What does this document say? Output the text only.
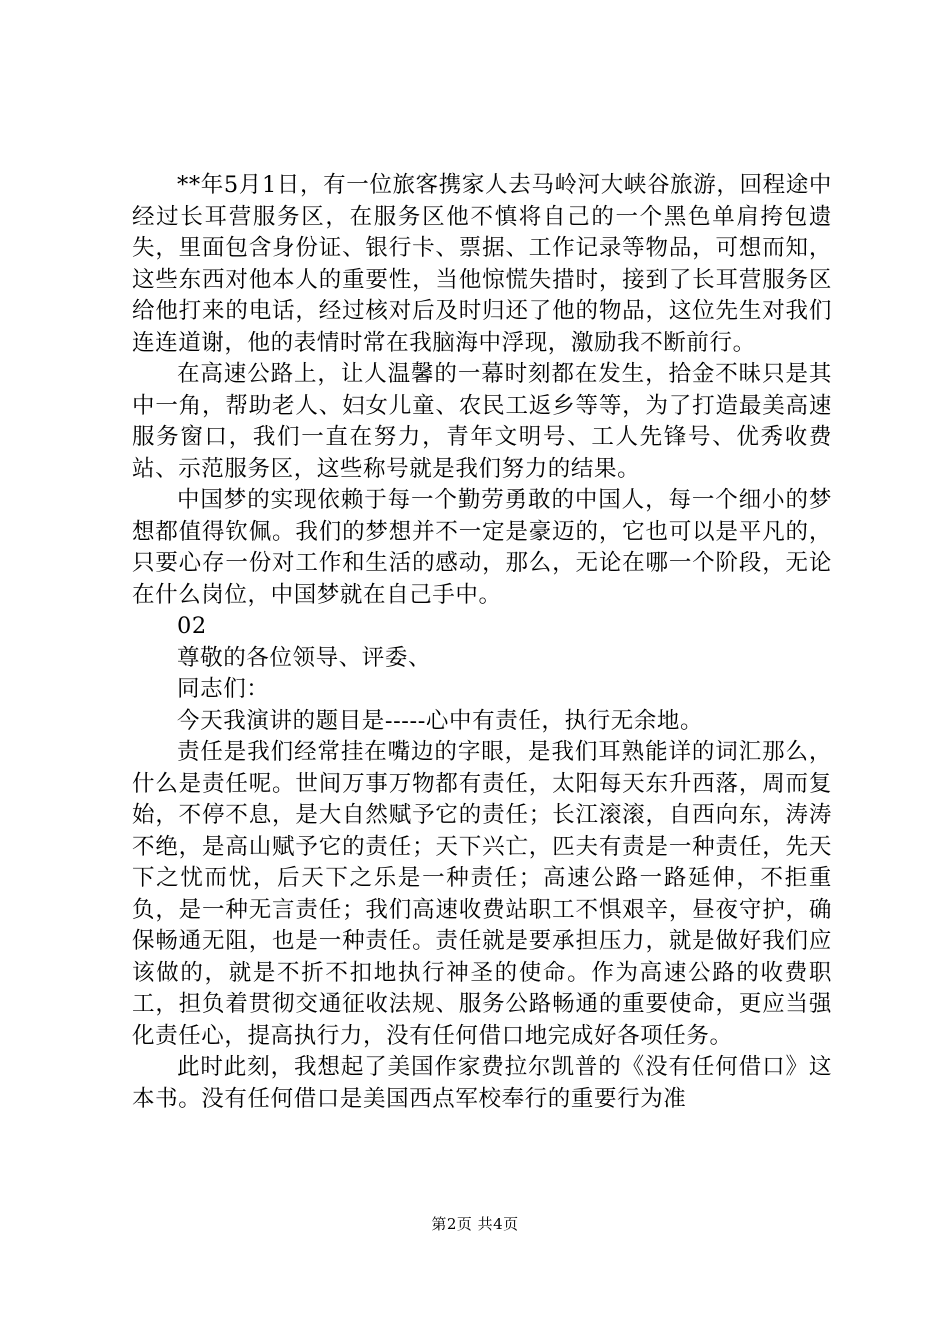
**年5月1日，有一位旅客携家人去马岭河大峡谷旅游，回程途中经过长耳营服务区，在服务区他不慎将自己的一个黑色单肩挎包遗失，里面包含身份证、银行卡、票据、工作记录等物品，可想而知，这些东西对他本人的重要性，当他惊慌失措时，接到了长耳营服务区给他打来的电话，经过核对后及时归还了他的物品，这位先生对我们连连道谢，他的表情时常在我脑海中浮现，激励我不断前行。

在高速公路上，让人温馨的一幕时刻都在发生，拾金不昧只是其中一角，帮助老人、妇女儿童、农民工返乡等等，为了打造最美高速服务窗口，我们一直在努力，青年文明号、工人先锋号、优秀收费站、示范服务区，这些称号就是我们努力的结果。

中国梦的实现依赖于每一个勤劳勇敢的中国人，每一个细小的梦想都值得钦佩。我们的梦想并不一定是豪迈的，它也可以是平凡的，只要心存一份对工作和生活的感动，那么，无论在哪一个阶段，无论在什么岗位，中国梦就在自己手中。

02

尊敬的各位领导、评委、

同志们：

今天我演讲的题目是-----心中有责任，执行无余地。

责任是我们经常挂在嘴边的字眼，是我们耳熟能详的词汇那么，什么是责任呢。世间万事万物都有责任，太阳每天东升西落，周而复始，不停不息，是大自然赋予它的责任；长江滚滚，自西向东，涛涛不绝，是高山赋予它的责任；天下兴亡，匹夫有责是一种责任，先天下之忧而忧，后天下之乐是一种责任；高速公路一路延伸，不拒重负，是一种无言责任；我们高速收费站职工不惧艰辛，昼夜守护，确保畅通无阻，也是一种责任。责任就是要承担压力，就是做好我们应该做的，就是不折不扣地执行神圣的使命。作为高速公路的收费职工，担负着贯彻交通征收法规、服务公路畅通的重要使命，更应当强化责任心，提高执行力，没有任何借口地完成好各项任务。

此时此刻，我想起了美国作家费拉尔凯普的《没有任何借口》这本书。没有任何借口是美国西点军校奉行的重要行为准

第2页 共4页
